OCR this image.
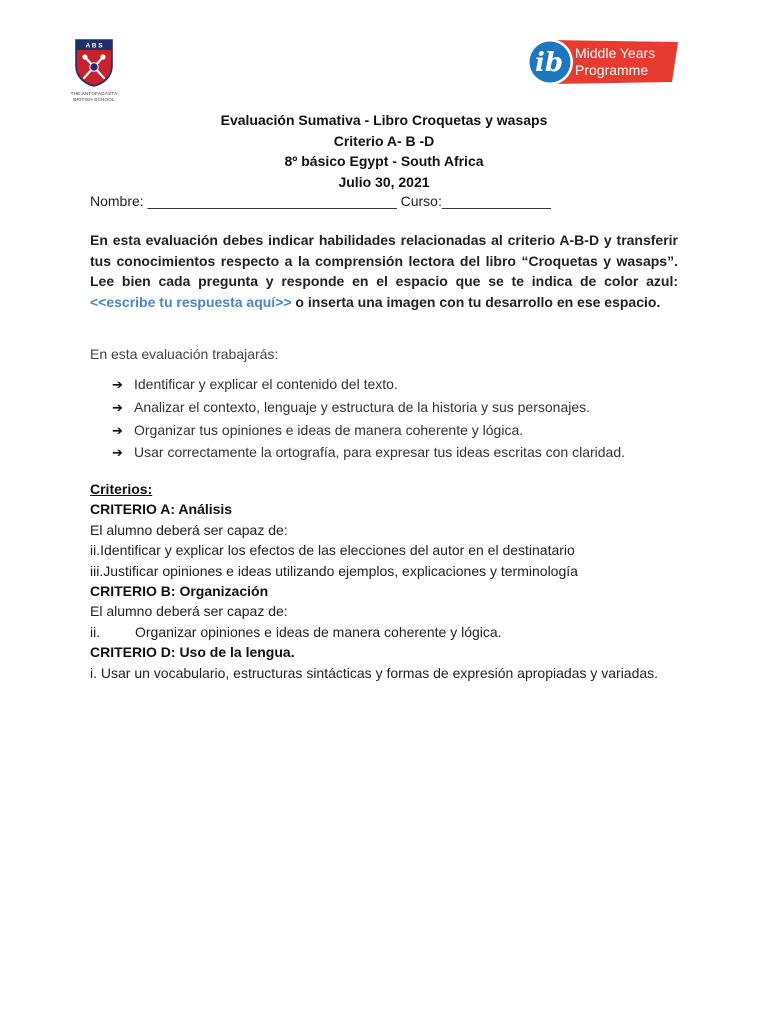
A B S
THE ANTOFAGASTA
BRITISH SCHOOL
ib Middle Years
Programme
Evaluación Sumativa - Libro Croquetas y wasaps
Criterio A- B -D
8º básico Egypt - South Africa
Julio 30, 2021
Nombre: ________________________________ Curso:______________
En esta evaluación debes indicar habilidades relacionadas al criterio A-B-D y transferir tus conocimientos respecto a la comprensión lectora del libro “Croquetas y wasaps”. Lee bien cada pregunta y responde en el espacio que se te indica de color azul: <<escribe tu respuesta aquí>> o inserta una imagen con tu desarrollo en ese espacio.
En esta evaluación trabajarás:
➔ Identificar y explicar el contenido del texto.
➔ Analizar el contexto, lenguaje y estructura de la historia y sus personajes.
➔ Organizar tus opiniones e ideas de manera coherente y lógica.
➔ Usar correctamente la ortografía, para expresar tus ideas escritas con claridad.
Criterios:
CRITERIO A: Análisis
El alumno deberá ser capaz de:
ii.Identificar y explicar los efectos de las elecciones del autor en el destinatario
iii.Justificar opiniones e ideas utilizando ejemplos, explicaciones y terminología
CRITERIO B: Organización
El alumno deberá ser capaz de:
ii. Organizar opiniones e ideas de manera coherente y lógica.
CRITERIO D: Uso de la lengua.
i. Usar un vocabulario, estructuras sintácticas y formas de expresión apropiadas y variadas.
